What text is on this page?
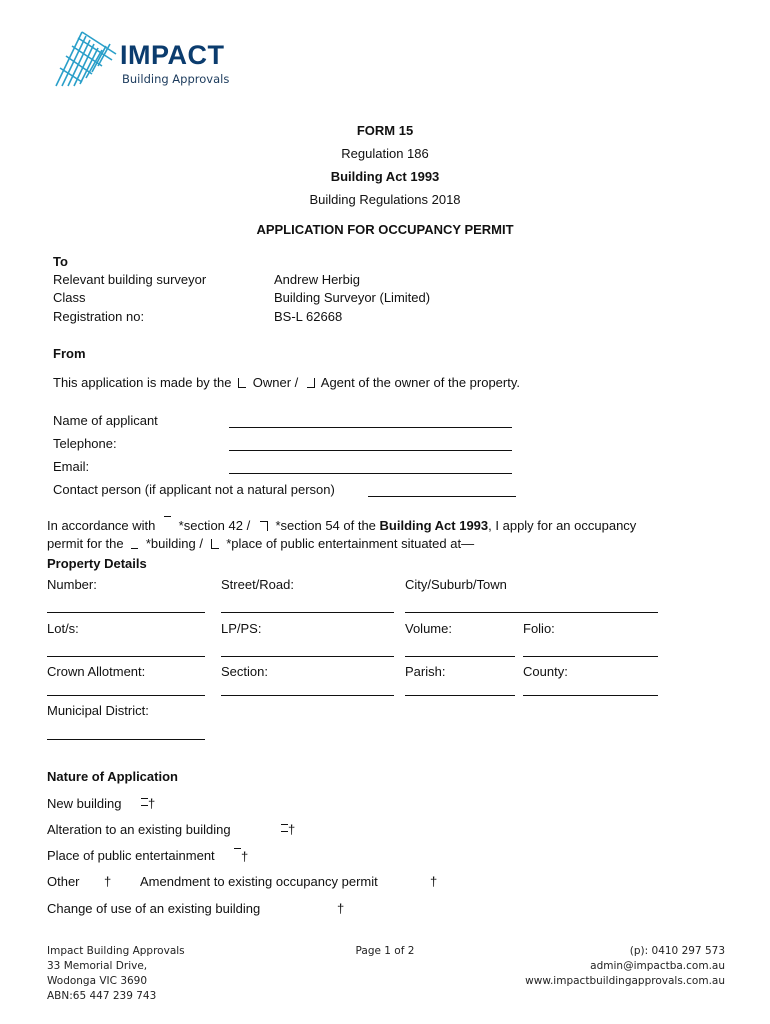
IMPACT
Building Approvals
FORM 15
Regulation 186
Building Act 1993
Building Regulations 2018
APPLICATION FOR OCCUPANCY PERMIT
To
Relevant building surveyor	Andrew Herbig
Class	Building Surveyor (Limited)
Registration no:	BS-L 62668
From
This application is made by the Owner / Agent of the owner of the property.
Name of applicant
Telephone:
Email:
Contact person (if applicant not a natural person)
In accordance with *section 42 / *section 54 of the Building Act 1993, I apply for an occupancy
permit for the *building / *place of public entertainment situated at—
Property Details
Number:	Street/Road:	City/Suburb/Town
Lot/s:	LP/PS:	Volume:	Folio:
Crown Allotment:	Section:	Parish:	County:
Municipal District:
Nature of Application
New building	†
Alteration to an existing building	†
Place of public entertainment	†
Other † Amendment to existing occupancy permit	†
Change of use of an existing building	†
Impact Building Approvals
33 Memorial Drive,
Wodonga VIC 3690
ABN:65 447 239 743
Page 1 of 2	(p): 0410 297 573
admin@impactba.com.au
www.impactbuildingapprovals.com.au
